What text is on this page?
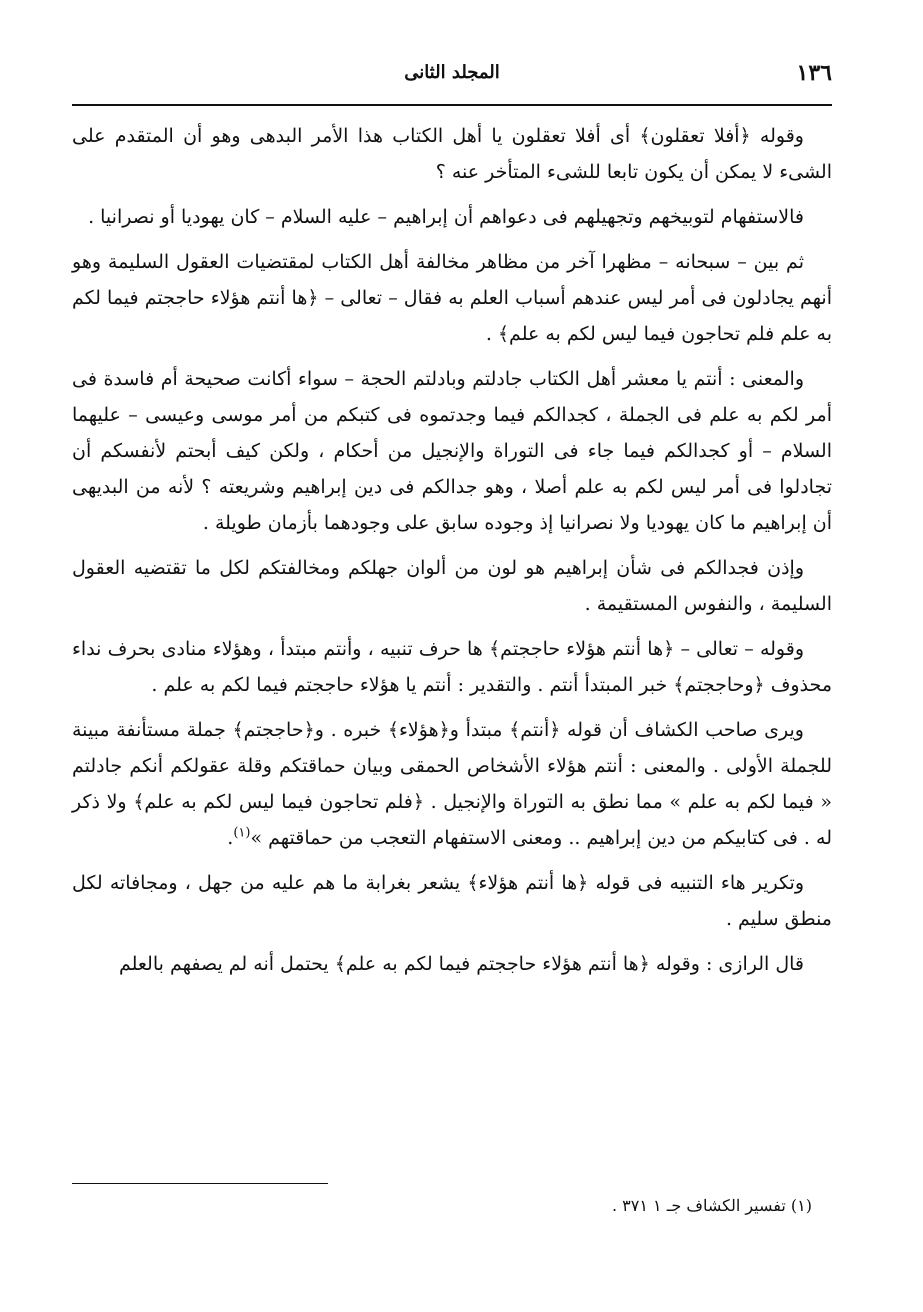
١٣٦
المجلد الثانى

وقوله ﴿أفلا تعقلون﴾ أى أفلا تعقلون يا أهل الكتاب هذا الأمر البدهى وهو أن المتقدم على الشىء لا يمكن أن يكون تابعا للشىء المتأخر عنه ؟

فالاستفهام لتوبيخهم وتجهيلهم فى دعواهم أن إبراهيم – عليه السلام – كان يهوديا أو نصرانيا .

ثم بين – سبحانه – مظهرا آخر من مظاهر مخالفة أهل الكتاب لمقتضيات العقول السليمة وهو أنهم يجادلون فى أمر ليس عندهم أسباب العلم به فقال – تعالى – ﴿ها أنتم هؤلاء حاججتم فيما لكم به علم فلم تحاجون فيما ليس لكم به علم﴾ .

والمعنى : أنتم يا معشر أهل الكتاب جادلتم وبادلتم الحجة – سواء أكانت صحيحة أم فاسدة فى أمر لكم به علم فى الجملة ، كجدالكم فيما وجدتموه فى كتبكم من أمر موسى وعيسى – عليهما السلام – أو كجدالكم فيما جاء فى التوراة والإنجيل من أحكام ، ولكن كيف أبحتم لأنفسكم أن تجادلوا فى أمر ليس لكم به علم أصلا ، وهو جدالكم فى دين إبراهيم وشريعته ؟ لأنه من البديهى أن إبراهيم ما كان يهوديا ولا نصرانيا إذ وجوده سابق على وجودهما بأزمان طويلة .

وإذن فجدالكم فى شأن إبراهيم هو لون من ألوان جهلكم ومخالفتكم لكل ما تقتضيه العقول السليمة ، والنفوس المستقيمة .

وقوله – تعالى – ﴿ها أنتم هؤلاء حاججتم﴾ ها حرف تنبيه ، وأنتم مبتدأ ، وهؤلاء منادى بحرف نداء محذوف ﴿وحاججتم﴾ خبر المبتدأ أنتم . والتقدير : أنتم يا هؤلاء حاججتم فيما لكم به علم .

ويرى صاحب الكشاف أن قوله ﴿أنتم﴾ مبتدأ و﴿هؤلاء﴾ خبره . و﴿حاججتم﴾ جملة مستأنفة مبينة للجملة الأولى . والمعنى : أنتم هؤلاء الأشخاص الحمقى وبيان حماقتكم وقلة عقولكم أنكم جادلتم « فيما لكم به علم » مما نطق به التوراة والإنجيل . ﴿فلم تحاجون فيما ليس لكم به علم﴾ ولا ذكر له . فى كتابيكم من دين إبراهيم .. ومعنى الاستفهام التعجب من حماقتهم »$^{(١)}$.

وتكرير هاء التنبيه فى قوله ﴿ها أنتم هؤلاء﴾ يشعر بغرابة ما هم عليه من جهل ، ومجافاته لكل منطق سليم .

قال الرازى : وقوله ﴿ها أنتم هؤلاء حاججتم فيما لكم به علم﴾ يحتمل أنه لم يصفهم بالعلم

(١) تفسير الكشاف جـ ١ ٣٧١ .
